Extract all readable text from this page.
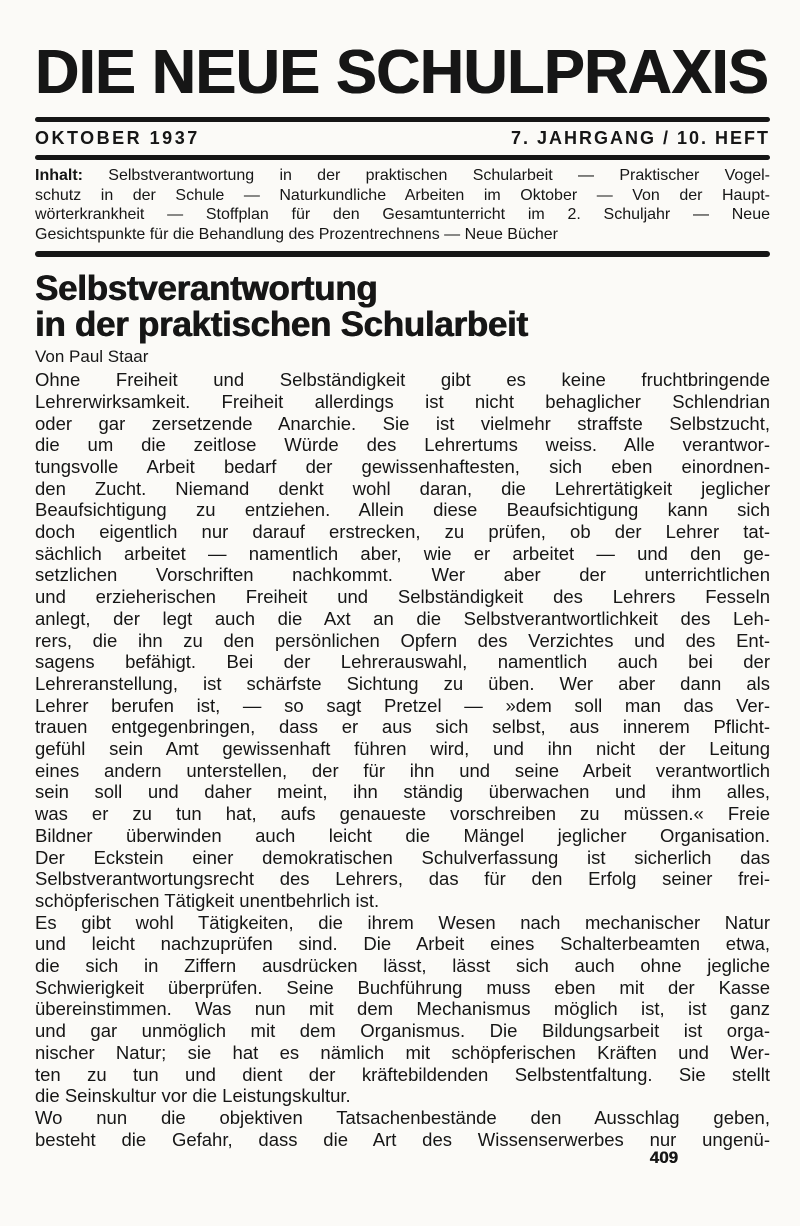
DIE NEUE SCHULPRAXIS
OKTOBER 1937	7. JAHRGANG / 10. HEFT
Inhalt: Selbstverantwortung in der praktischen Schularbeit — Praktischer Vogel-
schutz in der Schule — Naturkundliche Arbeiten im Oktober — Von der Haupt-
wörterkrankheit — Stoffplan für den Gesamtunterricht im 2. Schuljahr — Neue
Gesichtspunkte für die Behandlung des Prozentrechnens — Neue Bücher
Selbstverantwortung
in der praktischen Schularbeit
Von Paul Staar
Ohne Freiheit und Selbständigkeit gibt es keine fruchtbringende
Lehrerwirksamkeit. Freiheit allerdings ist nicht behaglicher Schlendrian
oder gar zersetzende Anarchie. Sie ist vielmehr straffste Selbstzucht,
die um die zeitlose Würde des Lehrertums weiss. Alle verantwor-
tungsvolle Arbeit bedarf der gewissenhaftesten, sich eben einordnen-
den Zucht. Niemand denkt wohl daran, die Lehrertätigkeit jeglicher
Beaufsichtigung zu entziehen. Allein diese Beaufsichtigung kann sich
doch eigentlich nur darauf erstrecken, zu prüfen, ob der Lehrer tat-
sächlich arbeitet — namentlich aber, wie er arbeitet — und den ge-
setzlichen Vorschriften nachkommt. Wer aber der unterrichtlichen
und erzieherischen Freiheit und Selbständigkeit des Lehrers Fesseln
anlegt, der legt auch die Axt an die Selbstverantwortlichkeit des Leh-
rers, die ihn zu den persönlichen Opfern des Verzichtes und des Ent-
sagens befähigt. Bei der Lehrerauswahl, namentlich auch bei der
Lehreranstellung, ist schärfste Sichtung zu üben. Wer aber dann als
Lehrer berufen ist, — so sagt Pretzel — »dem soll man das Ver-
trauen entgegenbringen, dass er aus sich selbst, aus innerem Pflicht-
gefühl sein Amt gewissenhaft führen wird, und ihn nicht der Leitung
eines andern unterstellen, der für ihn und seine Arbeit verantwortlich
sein soll und daher meint, ihn ständig überwachen und ihm alles,
was er zu tun hat, aufs genaueste vorschreiben zu müssen.« Freie
Bildner überwinden auch leicht die Mängel jeglicher Organisation.
Der Eckstein einer demokratischen Schulverfassung ist sicherlich das
Selbstverantwortungsrecht des Lehrers, das für den Erfolg seiner frei-
schöpferischen Tätigkeit unentbehrlich ist.
Es gibt wohl Tätigkeiten, die ihrem Wesen nach mechanischer Natur
und leicht nachzuprüfen sind. Die Arbeit eines Schalterbeamten etwa,
die sich in Ziffern ausdrücken lässt, lässt sich auch ohne jegliche
Schwierigkeit überprüfen. Seine Buchführung muss eben mit der Kasse
übereinstimmen. Was nun mit dem Mechanismus möglich ist, ist ganz
und gar unmöglich mit dem Organismus. Die Bildungsarbeit ist orga-
nischer Natur; sie hat es nämlich mit schöpferischen Kräften und Wer-
ten zu tun und dient der kräftebildenden Selbstentfaltung. Sie stellt
die Seinskultur vor die Leistungskultur.
Wo nun die objektiven Tatsachenbestände den Ausschlag geben,
besteht die Gefahr, dass die Art des Wissenserwerbes nur ungenü-
409
